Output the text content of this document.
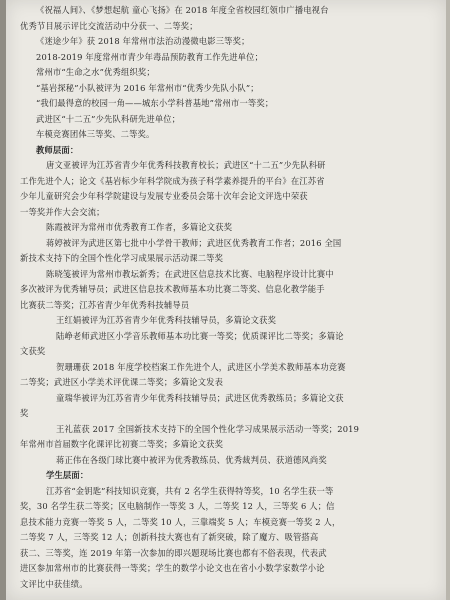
《祝福人间》、《梦想起航 童心飞扬》在 2018 年度全省校园红领巾广播电视台

优秀节目展示评比交流活动中分获一、二等奖；

《迷途少年》获 2018 年常州市法治动漫微电影三等奖；

2018-2019 年度常州市青少年毒品预防教育工作先进单位；

常州市“生命之水”优秀组织奖；

“基岩探秘”小队被评为 2016 年常州市“优秀少先队小队”；

“我们最得意的校园一角——城东小学科普基地”常州市一等奖；

武进区“十二五”少先队科研先进单位；

车模竞赛团体三等奖、二等奖。

教师层面：

唐文亚被评为江苏省青少年优秀科技教育校长；武进区“十二五”少先队科研

工作先进个人；论文《基岩标少年科学院成为孩子科学素养提升的平台》在江苏省

少年儿童研究会少年科学院建设与发展专业委员会第十次年会论文评选中荣获

一等奖并作大会交流；

陈霞被评为常州市优秀教育工作者，多篇论文获奖

蒋婷被评为武进区第七批中小学骨干教师；武进区优秀教育工作者；2016 全国

新技术支持下的全国个性化学习成果展示活动课二等奖

陈晓笺被评为常州市教坛新秀；在武进区信息技术比赛、电脑程序设计比赛中

多次被评为优秀辅导员；武进区信息技术教师基本功比赛二等奖、信息化教学能手

比赛获二等奖；江苏省青少年优秀科技辅导员

王红娟被评为江苏省青少年优秀科技辅导员，多篇论文获奖

陆峥老师武进区小学音乐教师基本功比赛一等奖；优质课评比二等奖；多篇论

文获奖

贺珊珊获 2018 年度学校档案工作先进个人，武进区小学美术教师基本功竞赛

二等奖；武进区小学美术评优课二等奖；多篇论文发表

童瑞华被评为江苏省青少年优秀科技辅导员；武进区优秀教练员；多篇论文获

奖

王礼蓝获 2017 全国新技术支持下的全国个性化学习成果展示活动一等奖；2019

年常州市首届数字化课评比初赛二等奖；多篇论文获奖

蒋正伟在各级门球比赛中被评为优秀教练员、优秀裁判员、获道德风尚奖

学生层面：

江苏省“金钥匙”科技知识竞赛，共有 2 名学生获得特等奖，10 名学生获一等

奖，30 名学生获二等奖；区电脑制作一等奖 3 人，二等奖 12 人，三等奖 6 人；信

息技术能力竞赛一等奖 5 人，二等奖 10 人，三靠端奖 5 人；车模竞赛一等奖 2 人，

二等奖 7 人，三等奖 12 人；创新科技大赛也有了新突破，除了魔方、吸管搭高

获二、三等奖，连 2019 年第一次参加的即兴题现场比赛也都有不俗表现，代表武

进区参加常州市的比赛获得一等奖；学生的数学小论文也在省小小数学家数学小论

文评比中获佳绩。
